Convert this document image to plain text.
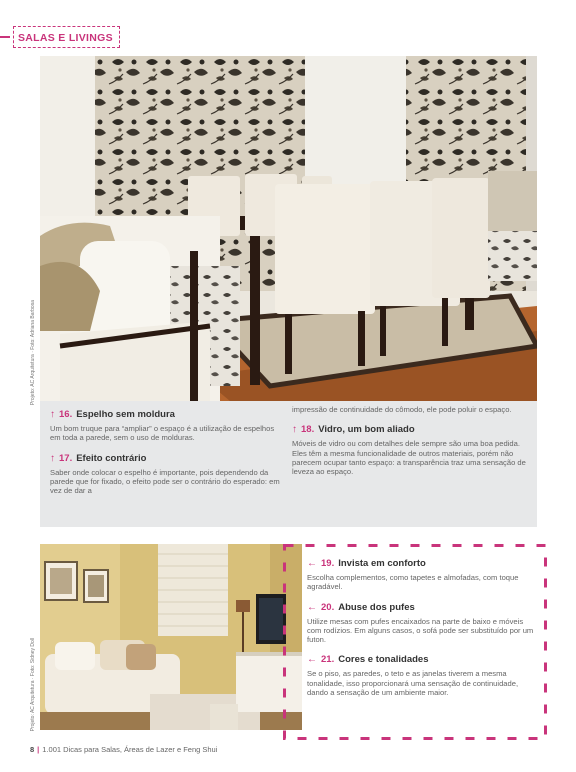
SALAS E LIVINGS
Projeto: AC Arquitetura · Foto: Adriana Barbosa
↑ 16. Espelho sem moldura

Um bom truque para “ampliar” o espaço é a utilização de espelhos em toda a parede, sem o uso de molduras.

↑ 17. Efeito contrário

Saber onde colocar o espelho é importante, pois dependendo da parede que for fixado, o efeito pode ser o contrário do esperado: em vez de dar a

impressão de continuidade do cômodo, ele pode poluir o espaço.

↑ 18. Vidro, um bom aliado

Móveis de vidro ou com detalhes dele sempre são uma boa pedida. Eles têm a mesma funcionalidade de outros materiais, porém não parecem ocupar tanto espaço: a transparência traz uma sensação de leveza ao espaço.

Projeto: AC Arquitetura · Foto: Sidney Doll
← 19. Invista em conforto

Escolha complementos, como tapetes e almofadas, com toque agradável.

← 20. Abuse dos pufes

Utilize mesas com pufes encaixados na parte de baixo e móveis com rodízios. Em alguns casos, o sofá pode ser substituído por um futon.

← 21. Cores e tonalidades

Se o piso, as paredes, o teto e as janelas tiverem a mesma tonalidade, isso proporcionará uma sensação de continuidade, dando a sensação de um ambiente maior.

8 | 1.001 Dicas para Salas, Áreas de Lazer e Feng Shui
